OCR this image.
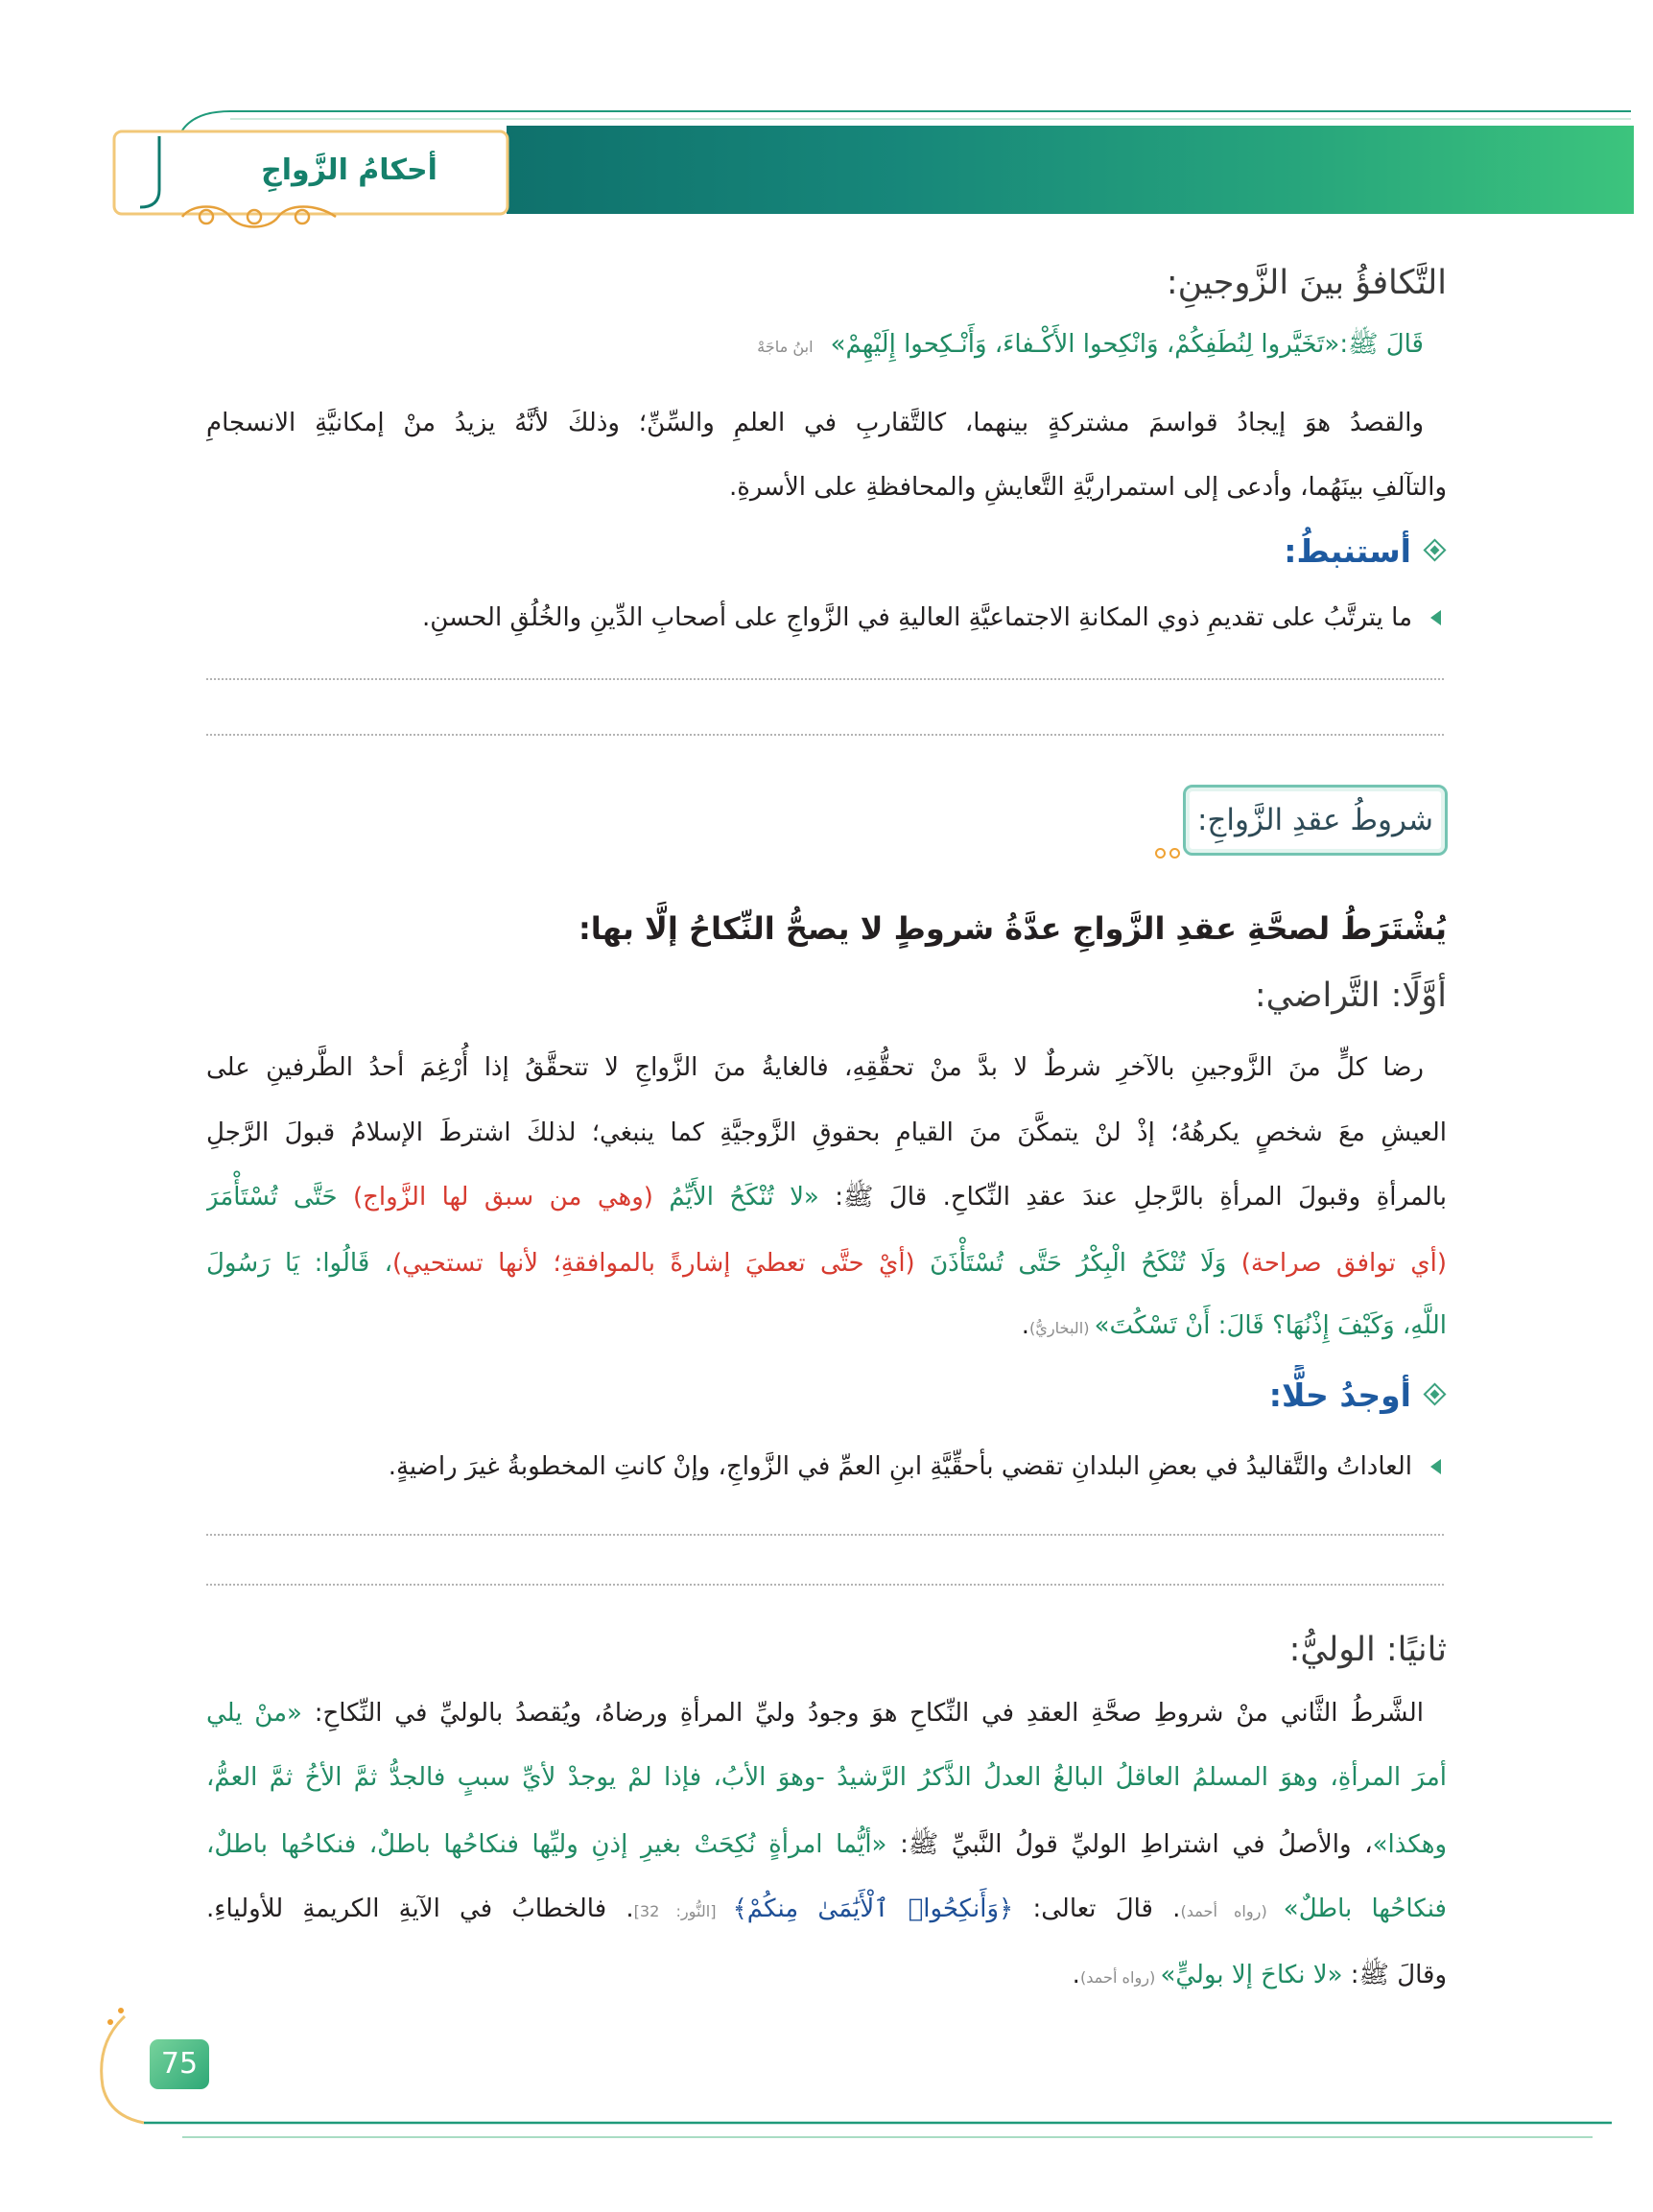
أحكامُ الزَّواجِ
التَّكافؤُ بينَ الزَّوجينِ:
قَالَ ﷺ:«تَخَيَّروا لِنُطَفِكُمْ، وَانْكِحوا الأَكْـفاءَ، وَأَنْـكِحوا إِلَيْهِمْ»ابنُ ماجَهْ
والقصدُ هوَ إيجادُ قواسمَ مشتركةٍ بينهما، كالتَّقاربِ في العلمِ والسِّنِّ؛ وذلكَ لأنَّهُ يزيدُ منْ إمكانيَّةِ الانسجامِ
والتآلفِ بينَهُما، وأدعى إلى استمراريَّةِ التَّعايشِ والمحافظةِ على الأسرةِ.
أستنبطُ:
ما يترتَّبُ على تقديمِ ذوي المكانةِ الاجتماعيَّةِ العاليةِ في الزَّواجِ على أصحابِ الدِّينِ والخُلُقِ الحسنِ.
شروطُ عقدِ الزَّواجِ:
يُشْتَرَطُ لصحَّةِ عقدِ الزَّواجِ عدَّةُ شروطٍ لا يصحُّ النِّكاحُ إلَّا بها:
أوَّلًا: التَّراضي:
رضا كلٍّ منَ الزَّوجينِ بالآخرِ شرطٌ لا بدَّ منْ تحقُّقِهِ، فالغايةُ منَ الزَّواجِ لا تتحقَّقُ إذا أُرْغِمَ أحدُ الطَّرفينِ على
العيشِ معَ شخصٍ يكرهُهُ؛ إذْ لنْ يتمكَّنَ منَ القيامِ بحقوقِ الزَّوجيَّةِ كما ينبغي؛ لذلكَ اشترطَ الإسلامُ قبولَ الرَّجلِ
بالمرأةِ وقبولَ المرأةِ بالرَّجلِ عندَ عقدِ النِّكاحِ. قالَ ﷺ: «لا تُنْكَحُ الأَيِّمُ (وهي من سبق لها الزَّواج) حَتَّى تُسْتَأْمَرَ
(أي توافق صراحة) وَلَا تُنْكَحُ الْبِكْرُ حَتَّى تُسْتَأْذَنَ (أيْ حتَّى تعطيَ إشارةً بالموافقةِ؛ لأنها تستحيي)، قَالُوا: يَا رَسُولَ
اللَّهِ، وَكَيْفَ إِذْنُهَا؟ قَالَ: أَنْ تَسْكُتَ» (البخاريُّ).
أوجدُ حلًّا:
العاداتُ والتَّقاليدُ في بعضِ البلدانِ تقضي بأحقِّيَّةِ ابنِ العمِّ في الزَّواجِ، وإنْ كانتِ المخطوبةُ غيرَ راضيةٍ.
ثانيًا: الوليُّ:
الشَّرطُ الثَّاني منْ شروطِ صحَّةِ العقدِ في النِّكاحِ هوَ وجودُ وليِّ المرأةِ ورضاهُ، ويُقصدُ بالوليِّ في النِّكاحِ: «منْ يلي
أمرَ المرأةِ، وهوَ المسلمُ العاقلُ البالغُ العدلُ الذَّكرُ الرَّشيدُ -وهوَ الأبُ، فإذا لمْ يوجدْ لأيِّ سببٍ فالجدُّ ثمَّ الأخُ ثمَّ العمُّ،
وهكذا»، والأصلُ في اشتراطِ الوليِّ قولُ النَّبيِّ ﷺ: «أيُّما امرأةٍ نُكِحَتْ بغيرِ إذنِ وليِّها فنكاحُها باطلٌ، فنكاحُها باطلٌ،
فنكاحُها باطلٌ» (رواه أحمد). قالَ تعالى: ﴿وَأَنكِحُوا۟ ٱلْأَيَٰمَىٰ مِنكُمْ﴾ [النُّور: 32]. فالخطابُ في الآيةِ الكريمةِ للأولياءِ.
وقالَ ﷺ: «لا نكاحَ إلا بوليٍّ» (رواه أحمد).
75
